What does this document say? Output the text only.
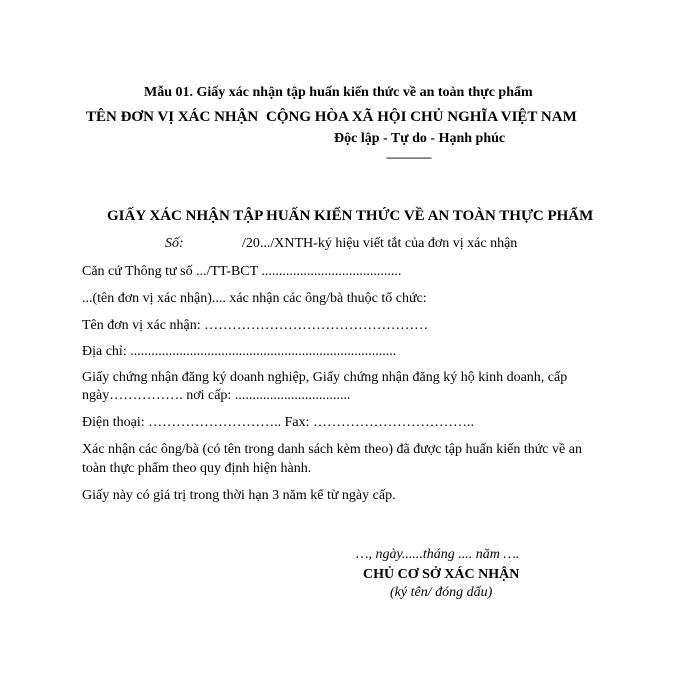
Mẫu 01. Giấy xác nhận tập huấn kiến thức về an toàn thực phẩm
TÊN ĐƠN VỊ XÁC NHẬN CỘNG HÒA XÃ HỘI CHỦ NGHĨA VIỆT NAM
Độc lập - Tự do - Hạnh phúc
---------------
GIẤY XÁC NHẬN TẬP HUẤN KIẾN THỨC VỀ AN TOÀN THỰC PHẨM
Số:	/20.../XNTH-ký hiệu viết tắt của đơn vị xác nhận
Căn cứ Thông tư số .../TT-BCT ........................................
...(tên đơn vị xác nhận).... xác nhận các ông/bà thuộc tổ chức:
Tên đơn vị xác nhận: …………………………………………
Địa chỉ: ............................................................................
Giấy chứng nhận đăng ký doanh nghiệp, Giấy chứng nhận đăng ký hộ kinh doanh, cấp
ngày……………. nơi cấp: .................................
Điện thoại: ……………………….. Fax: ……………………………..
Xác nhận các ông/bà (có tên trong danh sách kèm theo) đã được tập huấn kiến thức về an
toàn thực phẩm theo quy định hiện hành.
Giấy này có giá trị trong thời hạn 3 năm kể từ ngày cấp.
…, ngày......tháng .... năm ….
CHỦ CƠ SỞ XÁC NHẬN
(ký tên/ đóng dấu)
